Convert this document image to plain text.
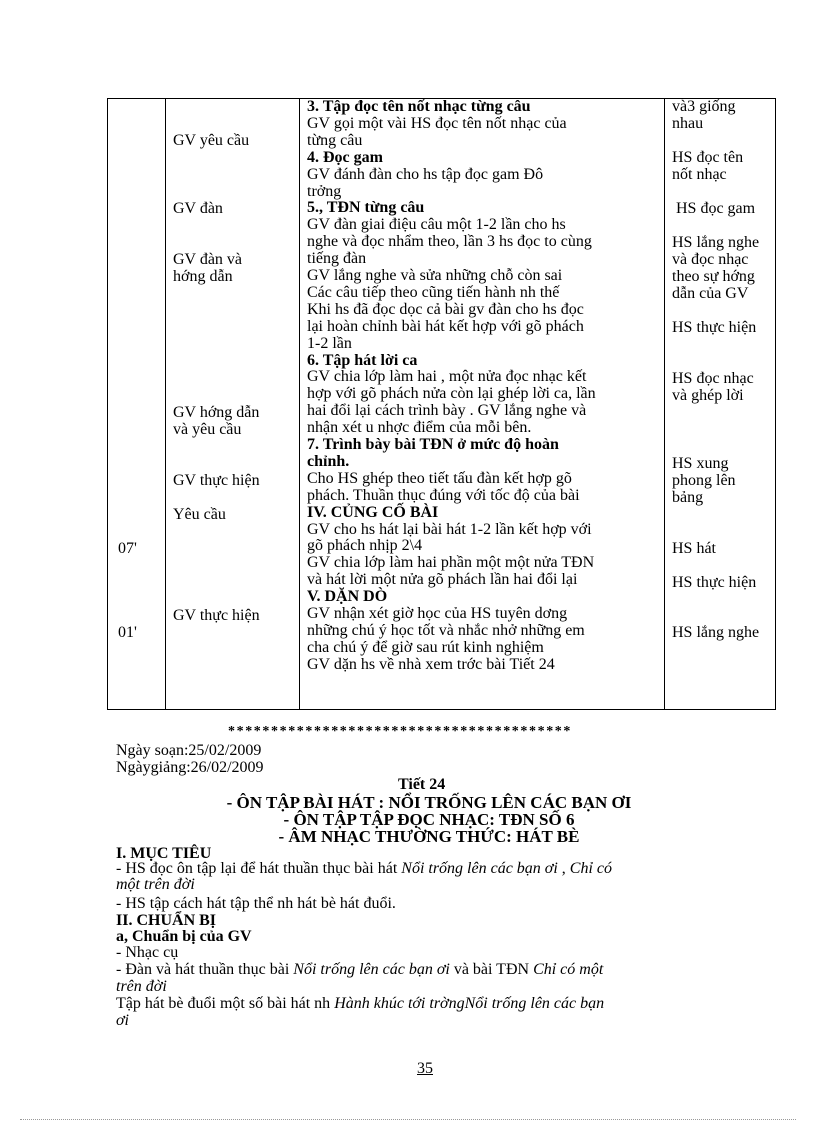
07'
01'
GV yêu cầu
GV đàn
GV đàn và
hớng dẫn
GV hớng dẫn
và yêu cầu
GV thực hiện
Yêu cầu
GV thực hiện
3. Tập đọc tên nốt nhạc từng câu
GV gọi một vài HS đọc tên nốt nhạc của
từng câu
4. Đọc gam
GV đánh đàn cho hs tập đọc gam Đô
trởng
5., TĐN từng câu
GV đàn giai điệu câu một 1-2 lần cho hs
nghe và đọc nhẩm theo, lần 3 hs đọc to cùng
tiếng đàn
GV lắng nghe và sửa những chỗ còn sai
Các câu tiếp theo cũng tiến hành nh thế
Khi hs đã đọc dọc cả bài gv đàn cho hs đọc
lại hoàn chỉnh bài hát kết hợp với gõ phách
1-2 lần
6. Tập hát lời ca
GV chia lớp làm hai , một nửa đọc nhạc kết
hợp với gõ phách nửa còn lại ghép lời ca, lần
hai đổi lại cách trình bày . GV lắng nghe và
nhận xét u nhợc điểm của mỗi bên.
7. Trình bày bài TĐN ở mức độ hoàn
chỉnh.
Cho HS ghép theo tiết tấu đàn kết hợp gõ
phách. Thuần thục đúng với tốc độ của bài
IV. CỦNG CỐ BÀI
GV cho hs hát lại bài hát 1-2 lần kết hợp với
gõ phách nhịp 2\4
GV chia lớp làm hai phần một một nửa TĐN
và hát lời một nửa gõ phách lần hai đổi lại
V. DẶN DÒ
GV nhận xét giờ học của HS tuyên dơng
những chú ý học tốt và nhắc nhở những em
cha chú ý để giờ sau rút kinh nghiệm
GV dặn hs về nhà xem trớc bài Tiết 24
và3 giống
nhau
HS đọc tên
nốt nhạc
HS đọc gam
HS lắng nghe
và đọc nhạc
theo sự hớng
dẫn của GV
HS thực hiện
HS đọc nhạc
và ghép lời
HS xung
phong lên
bảng
HS hát
HS thực hiện
HS lắng nghe
****************************************
Ngày soạn:25/02/2009
Ngàygiảng:26/02/2009
Tiết 24
- ÔN TẬP BÀI HÁT : NỔI TRỐNG LÊN CÁC BẠN ƠI
- ÔN TẬP TẬP ĐỌC NHẠC: TĐN SỐ 6
- ÂM NHẠC THƯỜNG THỨC: HÁT BÈ
I. MỤC TIÊU
- HS đọc ôn tập lại để hát thuần thục bài hát Nổi trống lên các bạn ơi , Chỉ có
một trên đời
- HS tập cách hát tập thể nh hát bè hát đuổi.
II. CHUẨN BỊ
a, Chuẩn bị của GV
- Nhạc cụ
- Đàn và hát thuần thục bài Nổi trống lên các bạn ơi và bài TĐN Chỉ có một
trên đời
Tập hát bè đuổi một số bài hát nh Hành khúc tới trờngNổi trống lên các bạn
ơi
35
